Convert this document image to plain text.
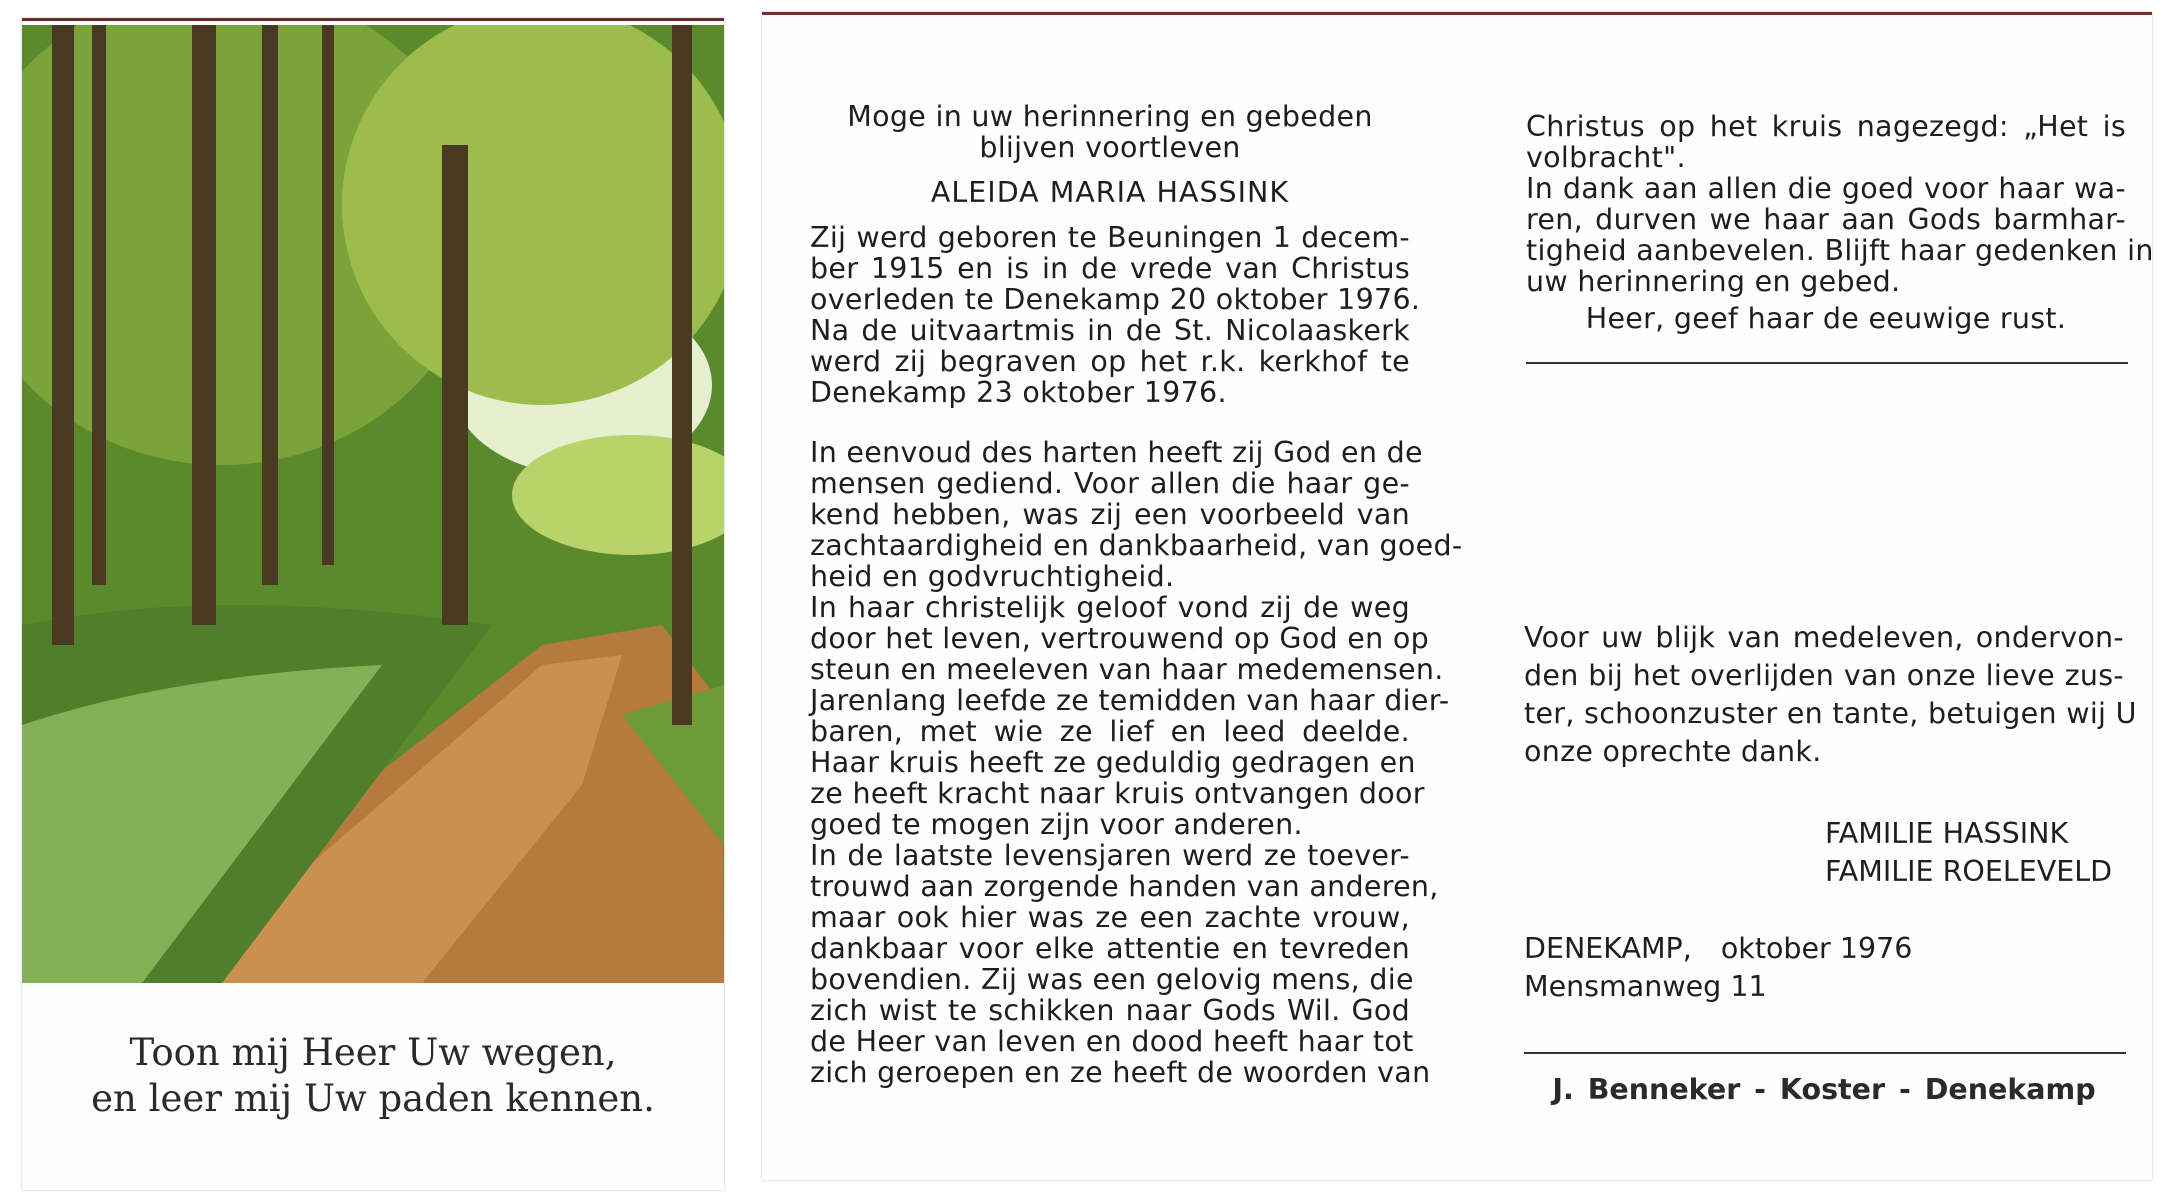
Toon mij Heer Uw wegen,
en leer mij Uw paden kennen.
Moge in uw herinnering en gebeden
blijven voortleven
ALEIDA MARIA HASSINK
Zij werd geboren te Beuningen 1 decem-
ber 1915 en is in de vrede van Christus
overleden te Denekamp 20 oktober 1976.
Na de uitvaartmis in de St. Nicolaaskerk
werd zij begraven op het r.k. kerkhof te
Denekamp 23 oktober 1976.
In eenvoud des harten heeft zij God en de
mensen gediend. Voor allen die haar ge-
kend hebben, was zij een voorbeeld van
zachtaardigheid en dankbaarheid, van goed-
heid en godvruchtigheid.
In haar christelijk geloof vond zij de weg
door het leven, vertrouwend op God en op
steun en meeleven van haar medemensen.
Jarenlang leefde ze temidden van haar dier-
baren, met wie ze lief en leed deelde.
Haar kruis heeft ze geduldig gedragen en
ze heeft kracht naar kruis ontvangen door
goed te mogen zijn voor anderen.
In de laatste levensjaren werd ze toever-
trouwd aan zorgende handen van anderen,
maar ook hier was ze een zachte vrouw,
dankbaar voor elke attentie en tevreden
bovendien. Zij was een gelovig mens, die
zich wist te schikken naar Gods Wil. God
de Heer van leven en dood heeft haar tot
zich geroepen en ze heeft de woorden van
Christus op het kruis nagezegd: „Het is
volbracht".
In dank aan allen die goed voor haar wa-
ren, durven we haar aan Gods barmhar-
tigheid aanbevelen. Blijft haar gedenken in
uw herinnering en gebed.
Heer, geef haar de eeuwige rust.
Voor uw blijk van medeleven, ondervon-
den bij het overlijden van onze lieve zus-
ter, schoonzuster en tante, betuigen wij U
onze oprechte dank.
FAMILIE HASSINK
FAMILIE ROELEVELD
DENEKAMP, oktober 1976
Mensmanweg 11
J. Benneker - Koster - Denekamp
